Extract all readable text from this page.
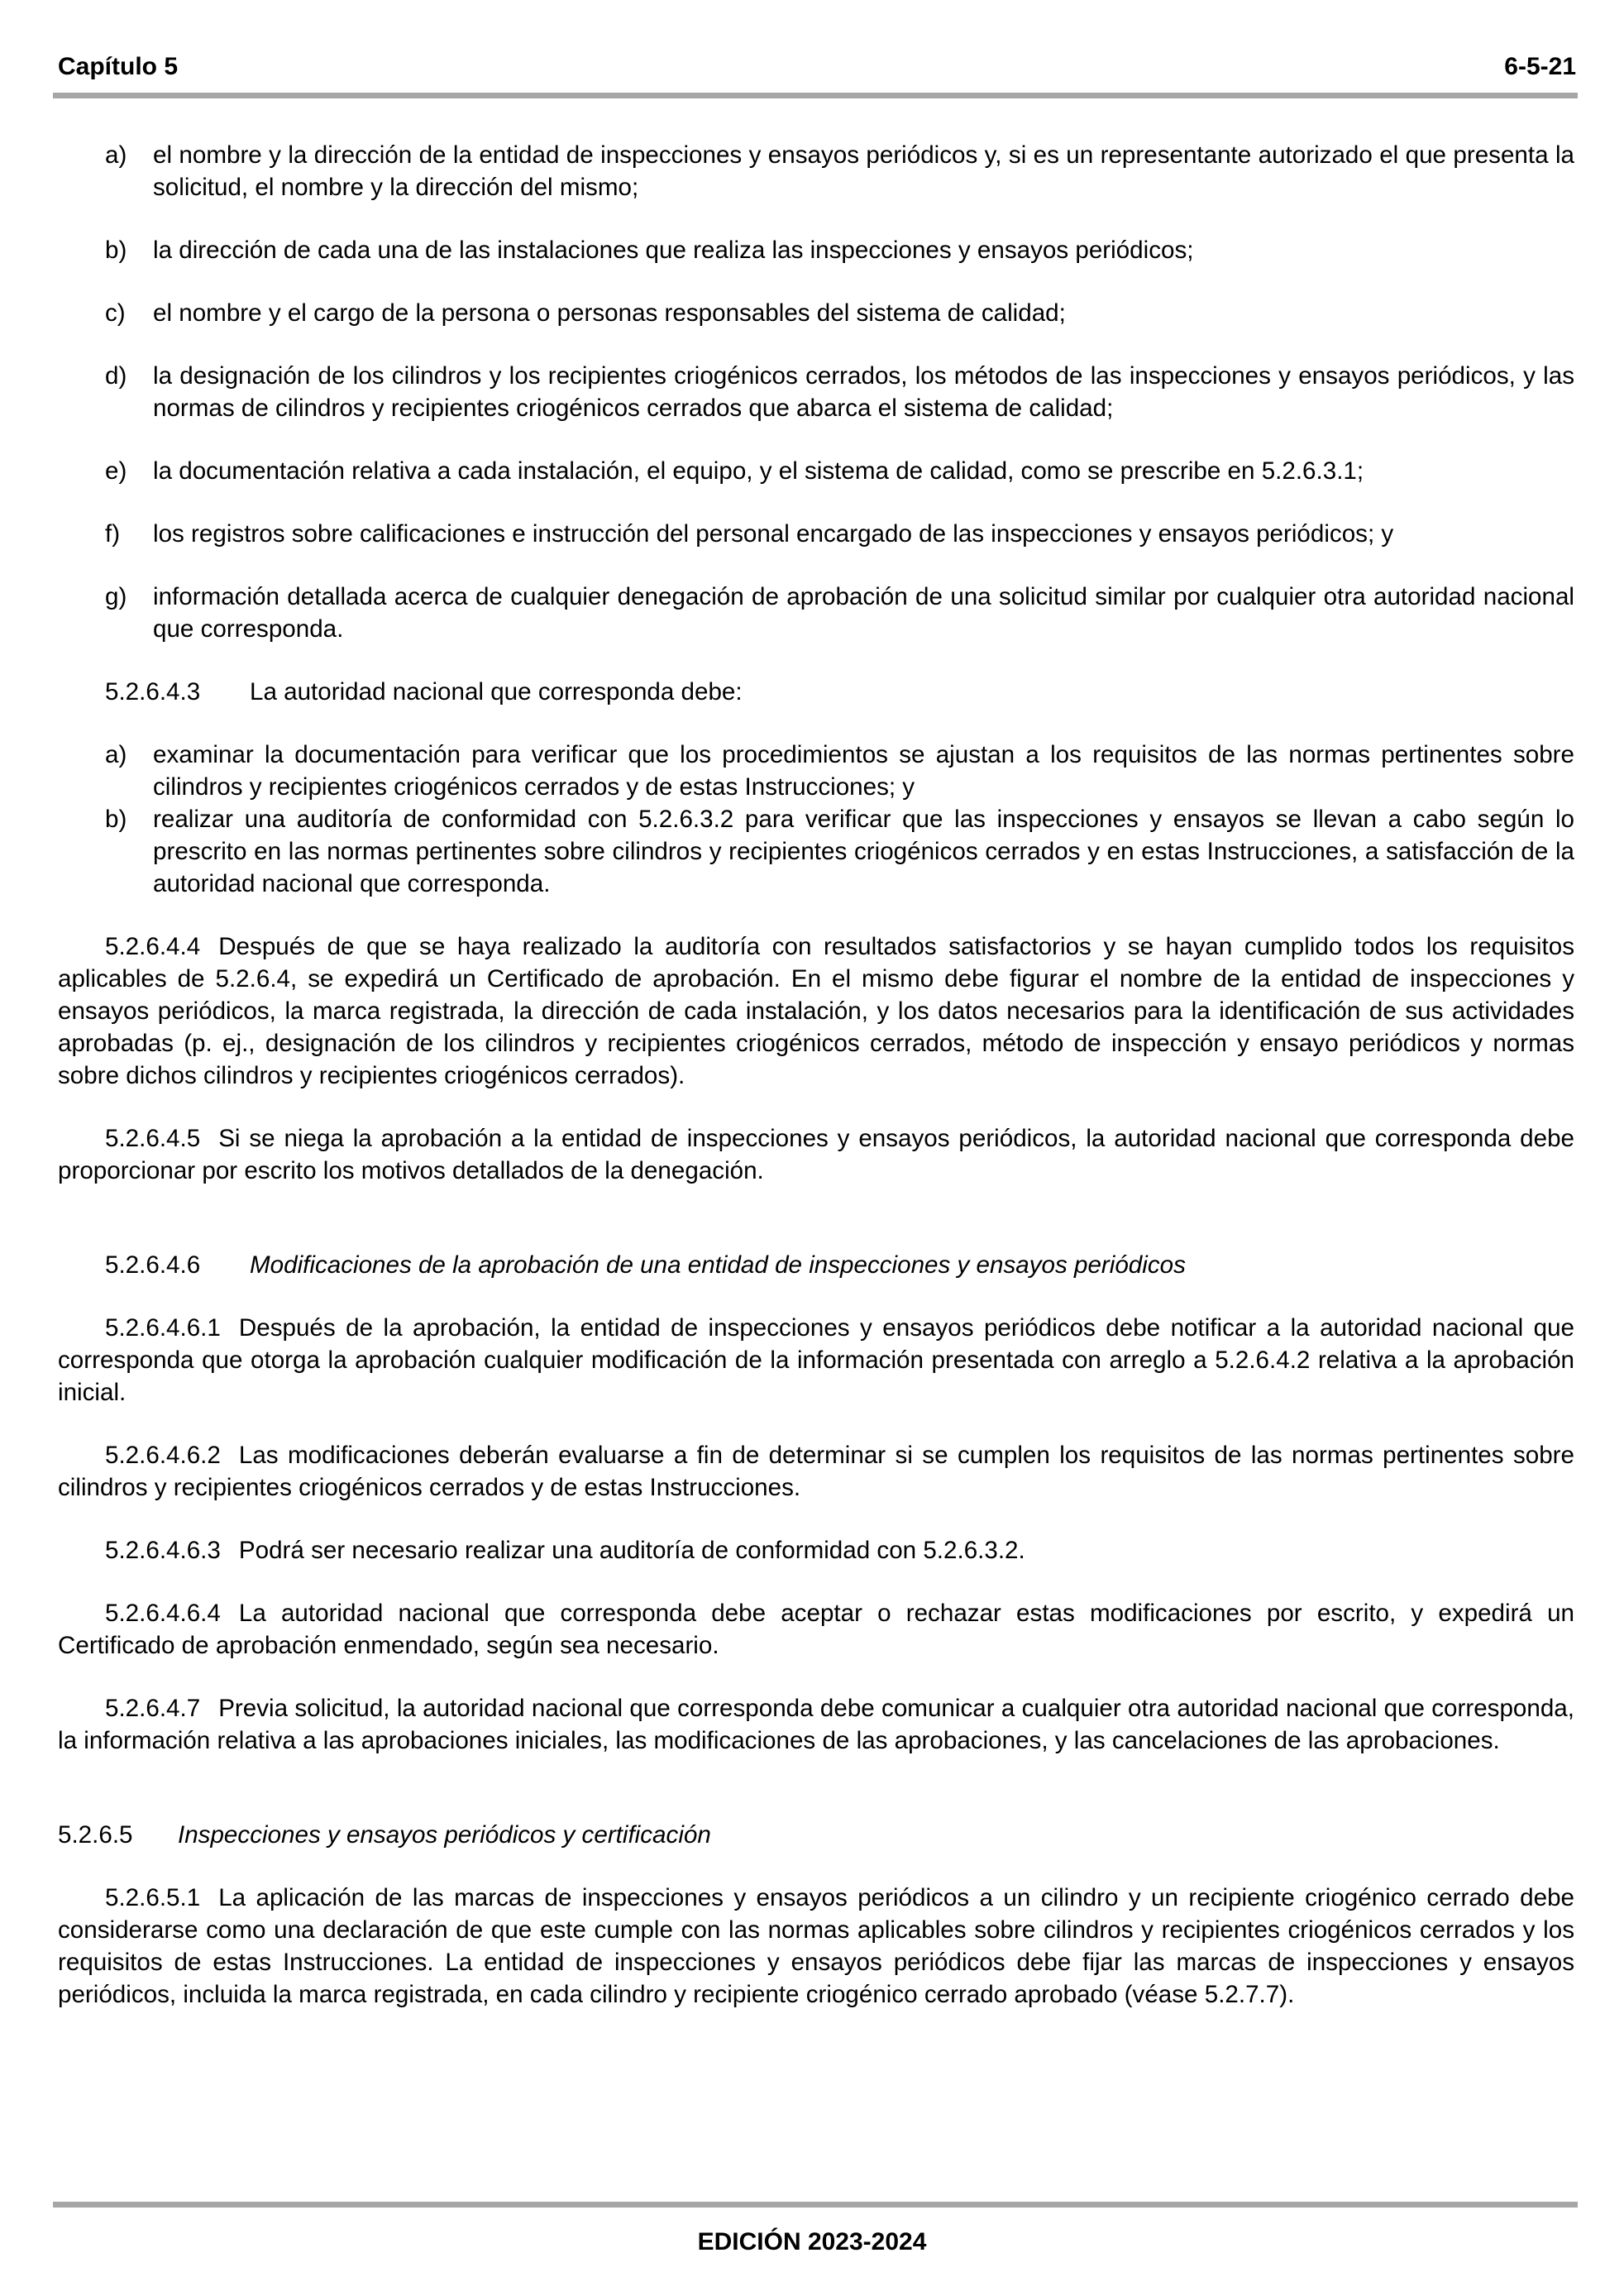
Capítulo 5	6-5-21
a) el nombre y la dirección de la entidad de inspecciones y ensayos periódicos y, si es un representante autorizado el que presenta la solicitud, el nombre y la dirección del mismo;
b) la dirección de cada una de las instalaciones que realiza las inspecciones y ensayos periódicos;
c) el nombre y el cargo de la persona o personas responsables del sistema de calidad;
d) la designación de los cilindros y los recipientes criogénicos cerrados, los métodos de las inspecciones y ensayos periódicos, y las normas de cilindros y recipientes criogénicos cerrados que abarca el sistema de calidad;
e) la documentación relativa a cada instalación, el equipo, y el sistema de calidad, como se prescribe en 5.2.6.3.1;
f) los registros sobre calificaciones e instrucción del personal encargado de las inspecciones y ensayos periódicos; y
g) información detallada acerca de cualquier denegación de aprobación de una solicitud similar por cualquier otra autoridad nacional que corresponda.
5.2.6.4.3 La autoridad nacional que corresponda debe:
a) examinar la documentación para verificar que los procedimientos se ajustan a los requisitos de las normas pertinentes sobre cilindros y recipientes criogénicos cerrados y de estas Instrucciones; y
b) realizar una auditoría de conformidad con 5.2.6.3.2 para verificar que las inspecciones y ensayos se llevan a cabo según lo prescrito en las normas pertinentes sobre cilindros y recipientes criogénicos cerrados y en estas Instrucciones, a satisfacción de la autoridad nacional que corresponda.
5.2.6.4.4 Después de que se haya realizado la auditoría con resultados satisfactorios y se hayan cumplido todos los requisitos aplicables de 5.2.6.4, se expedirá un Certificado de aprobación. En el mismo debe figurar el nombre de la entidad de inspecciones y ensayos periódicos, la marca registrada, la dirección de cada instalación, y los datos necesarios para la identificación de sus actividades aprobadas (p. ej., designación de los cilindros y recipientes criogénicos cerrados, método de inspección y ensayo periódicos y normas sobre dichos cilindros y recipientes criogénicos cerrados).
5.2.6.4.5 Si se niega la aprobación a la entidad de inspecciones y ensayos periódicos, la autoridad nacional que corresponda debe proporcionar por escrito los motivos detallados de la denegación.
5.2.6.4.6 Modificaciones de la aprobación de una entidad de inspecciones y ensayos periódicos
5.2.6.4.6.1 Después de la aprobación, la entidad de inspecciones y ensayos periódicos debe notificar a la autoridad nacional que corresponda que otorga la aprobación cualquier modificación de la información presentada con arreglo a 5.2.6.4.2 relativa a la aprobación inicial.
5.2.6.4.6.2 Las modificaciones deberán evaluarse a fin de determinar si se cumplen los requisitos de las normas pertinentes sobre cilindros y recipientes criogénicos cerrados y de estas Instrucciones.
5.2.6.4.6.3 Podrá ser necesario realizar una auditoría de conformidad con 5.2.6.3.2.
5.2.6.4.6.4 La autoridad nacional que corresponda debe aceptar o rechazar estas modificaciones por escrito, y expedirá un Certificado de aprobación enmendado, según sea necesario.
5.2.6.4.7 Previa solicitud, la autoridad nacional que corresponda debe comunicar a cualquier otra autoridad nacional que corresponda, la información relativa a las aprobaciones iniciales, las modificaciones de las aprobaciones, y las cancelaciones de las aprobaciones.
5.2.6.5 Inspecciones y ensayos periódicos y certificación
5.2.6.5.1 La aplicación de las marcas de inspecciones y ensayos periódicos a un cilindro y un recipiente criogénico cerrado debe considerarse como una declaración de que este cumple con las normas aplicables sobre cilindros y recipientes criogénicos cerrados y los requisitos de estas Instrucciones. La entidad de inspecciones y ensayos periódicos debe fijar las marcas de inspecciones y ensayos periódicos, incluida la marca registrada, en cada cilindro y recipiente criogénico cerrado aprobado (véase 5.2.7.7).
EDICIÓN 2023-2024
